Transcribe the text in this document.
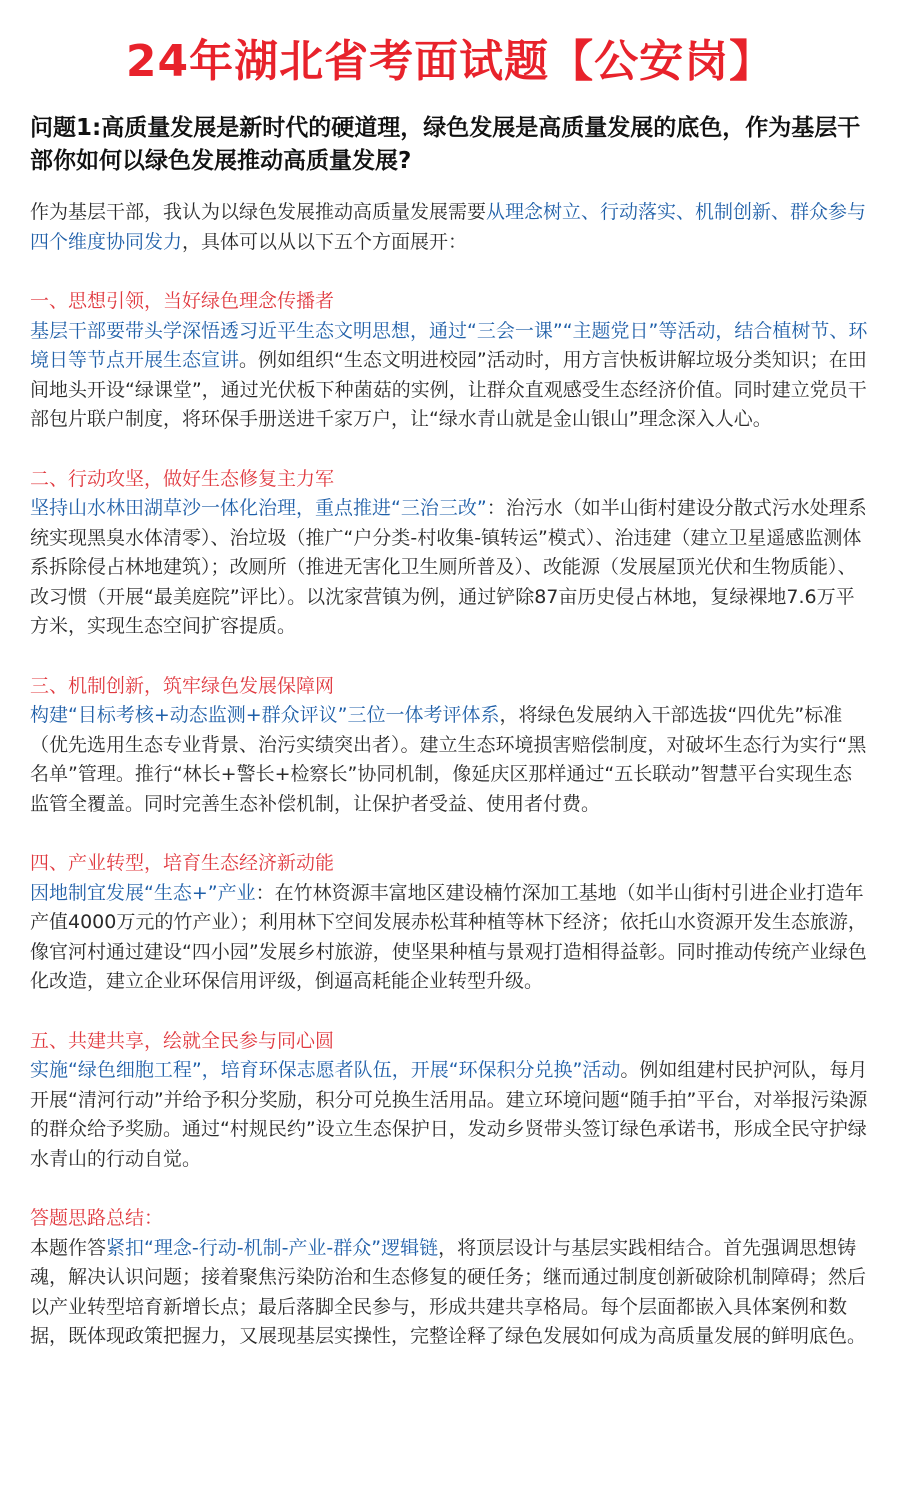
24年湖北省考面试题【公安岗】

问题1:高质量发展是新时代的硬道理，绿色发展是高质量发展的底色，作为基层干部你如何以绿色发展推动高质量发展?

作为基层干部，我认为以绿色发展推动高质量发展需要从理念树立、行动落实、机制创新、群众参与四个维度协同发力，具体可以从以下五个方面展开：

一、思想引领，当好绿色理念传播者

基层干部要带头学深悟透习近平生态文明思想，通过“三会一课”“主题党日”等活动，结合植树节、环境日等节点开展生态宣讲。例如组织“生态文明进校园”活动时，用方言快板讲解垃圾分类知识；在田间地头开设“绿课堂”，通过光伏板下种菌菇的实例，让群众直观感受生态经济价值。同时建立党员干部包片联户制度，将环保手册送进千家万户，让“绿水青山就是金山银山”理念深入人心。

二、行动攻坚，做好生态修复主力军

坚持山水林田湖草沙一体化治理，重点推进“三治三改”：治污水（如半山街村建设分散式污水处理系统实现黑臭水体清零）、治垃圾（推广“户分类-村收集-镇转运”模式）、治违建（建立卫星遥感监测体系拆除侵占林地建筑）；改厕所（推进无害化卫生厕所普及）、改能源（发展屋顶光伏和生物质能）、改习惯（开展“最美庭院”评比）。以沈家营镇为例，通过铲除87亩历史侵占林地，复绿裸地7.6万平方米，实现生态空间扩容提质。

三、机制创新，筑牢绿色发展保障网

构建“目标考核+动态监测+群众评议”三位一体考评体系，将绿色发展纳入干部选拔“四优先”标准（优先选用生态专业背景、治污实绩突出者）。建立生态环境损害赔偿制度，对破坏生态行为实行“黑名单”管理。推行“林长+警长+检察长”协同机制，像延庆区那样通过“五长联动”智慧平台实现生态监管全覆盖。同时完善生态补偿机制，让保护者受益、使用者付费。

四、产业转型，培育生态经济新动能

因地制宜发展“生态+”产业：在竹林资源丰富地区建设楠竹深加工基地（如半山街村引进企业打造年产值4000万元的竹产业）；利用林下空间发展赤松茸种植等林下经济；依托山水资源开发生态旅游，像官河村通过建设“四小园”发展乡村旅游，使坚果种植与景观打造相得益彰。同时推动传统产业绿色化改造，建立企业环保信用评级，倒逼高耗能企业转型升级。

五、共建共享，绘就全民参与同心圆

实施“绿色细胞工程”，培育环保志愿者队伍，开展“环保积分兑换”活动。例如组建村民护河队，每月开展“清河行动”并给予积分奖励，积分可兑换生活用品。建立环境问题“随手拍”平台，对举报污染源的群众给予奖励。通过“村规民约”设立生态保护日，发动乡贤带头签订绿色承诺书，形成全民守护绿水青山的行动自觉。

答题思路总结：

本题作答紧扣“理念-行动-机制-产业-群众”逻辑链，将顶层设计与基层实践相结合。首先强调思想铸魂，解决认识问题；接着聚焦污染防治和生态修复的硬任务；继而通过制度创新破除机制障碍；然后以产业转型培育新增长点；最后落脚全民参与，形成共建共享格局。每个层面都嵌入具体案例和数据，既体现政策把握力，又展现基层实操性，完整诠释了绿色发展如何成为高质量发展的鲜明底色。
